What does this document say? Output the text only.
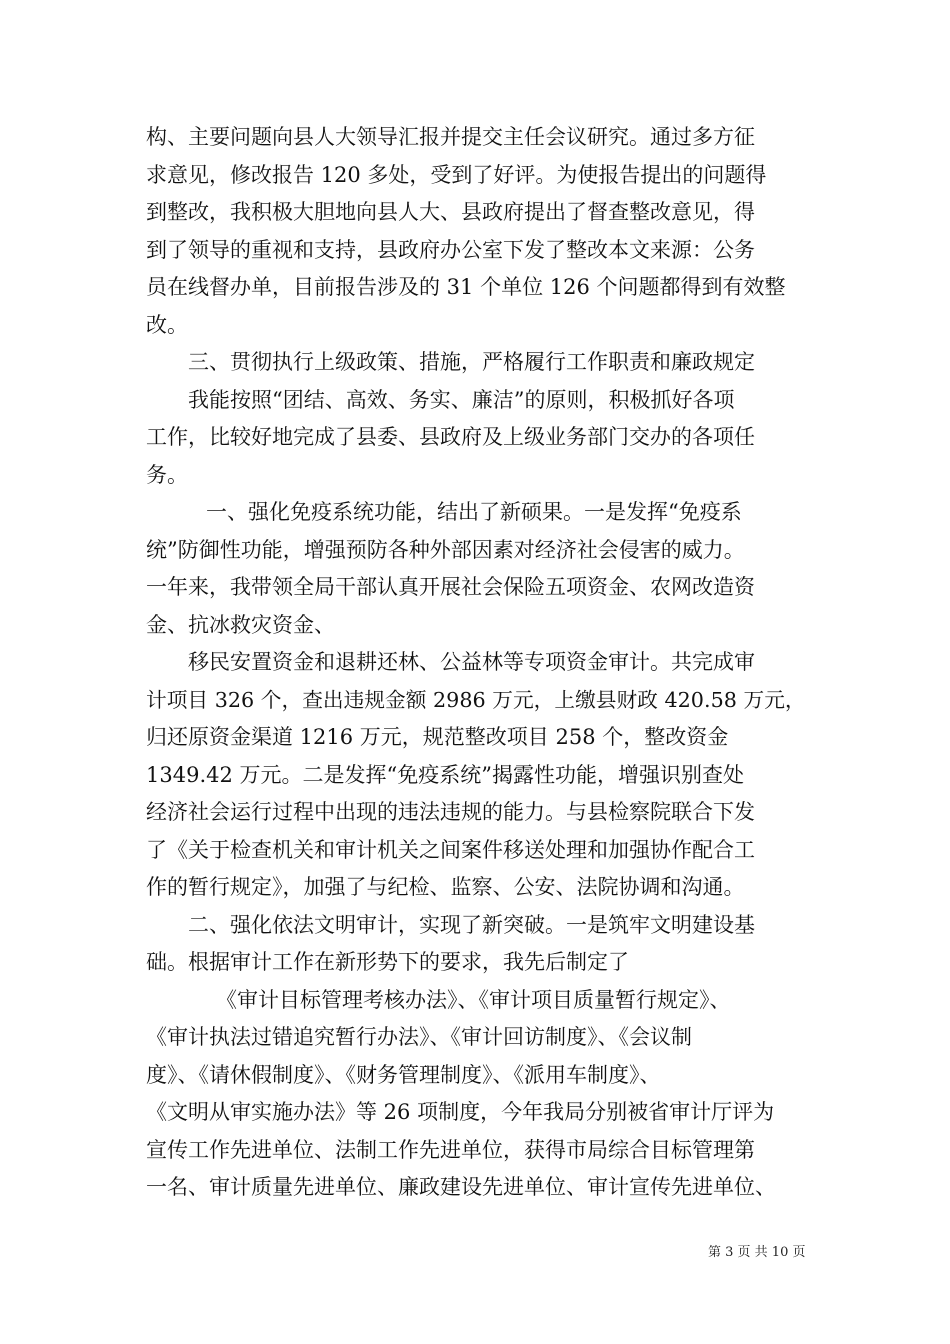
构、主要问题向县人大领导汇报并提交主任会议研究。通过多方征
求意见，修改报告 120 多处，受到了好评。为使报告提出的问题得
到整改，我积极大胆地向县人大、县政府提出了督查整改意见，得
到了领导的重视和支持，县政府办公室下发了整改本文来源：公务
员在线督办单，目前报告涉及的 31 个单位 126 个问题都得到有效整
改。
三、贯彻执行上级政策、措施，严格履行工作职责和廉政规定
我能按照“团结、高效、务实、廉洁”的原则，积极抓好各项
工作，比较好地完成了县委、县政府及上级业务部门交办的各项任
务。
一、强化免疫系统功能，结出了新硕果。一是发挥“免疫系
统”防御性功能，增强预防各种外部因素对经济社会侵害的威力。
一年来，我带领全局干部认真开展社会保险五项资金、农网改造资
金、抗冰救灾资金、
移民安置资金和退耕还林、公益林等专项资金审计。共完成审
计项目 326 个，查出违规金额 2986 万元，上缴县财政 420.58 万元，
归还原资金渠道 1216 万元，规范整改项目 258 个，整改资金
1349.42 万元。二是发挥“免疫系统”揭露性功能，增强识别查处
经济社会运行过程中出现的违法违规的能力。与县检察院联合下发
了《关于检查机关和审计机关之间案件移送处理和加强协作配合工
作的暂行规定》，加强了与纪检、监察、公安、法院协调和沟通。
二、强化依法文明审计，实现了新突破。一是筑牢文明建设基
础。根据审计工作在新形势下的要求，我先后制定了
《审计目标管理考核办法》、《审计项目质量暂行规定》、
《审计执法过错追究暂行办法》、《审计回访制度》、《会议制
度》、《请休假制度》、《财务管理制度》、《派用车制度》、
《文明从审实施办法》等 26 项制度，今年我局分别被省审计厅评为
宣传工作先进单位、法制工作先进单位，获得市局综合目标管理第
一名、审计质量先进单位、廉政建设先进单位、审计宣传先进单位、
第 3 页 共 10 页
